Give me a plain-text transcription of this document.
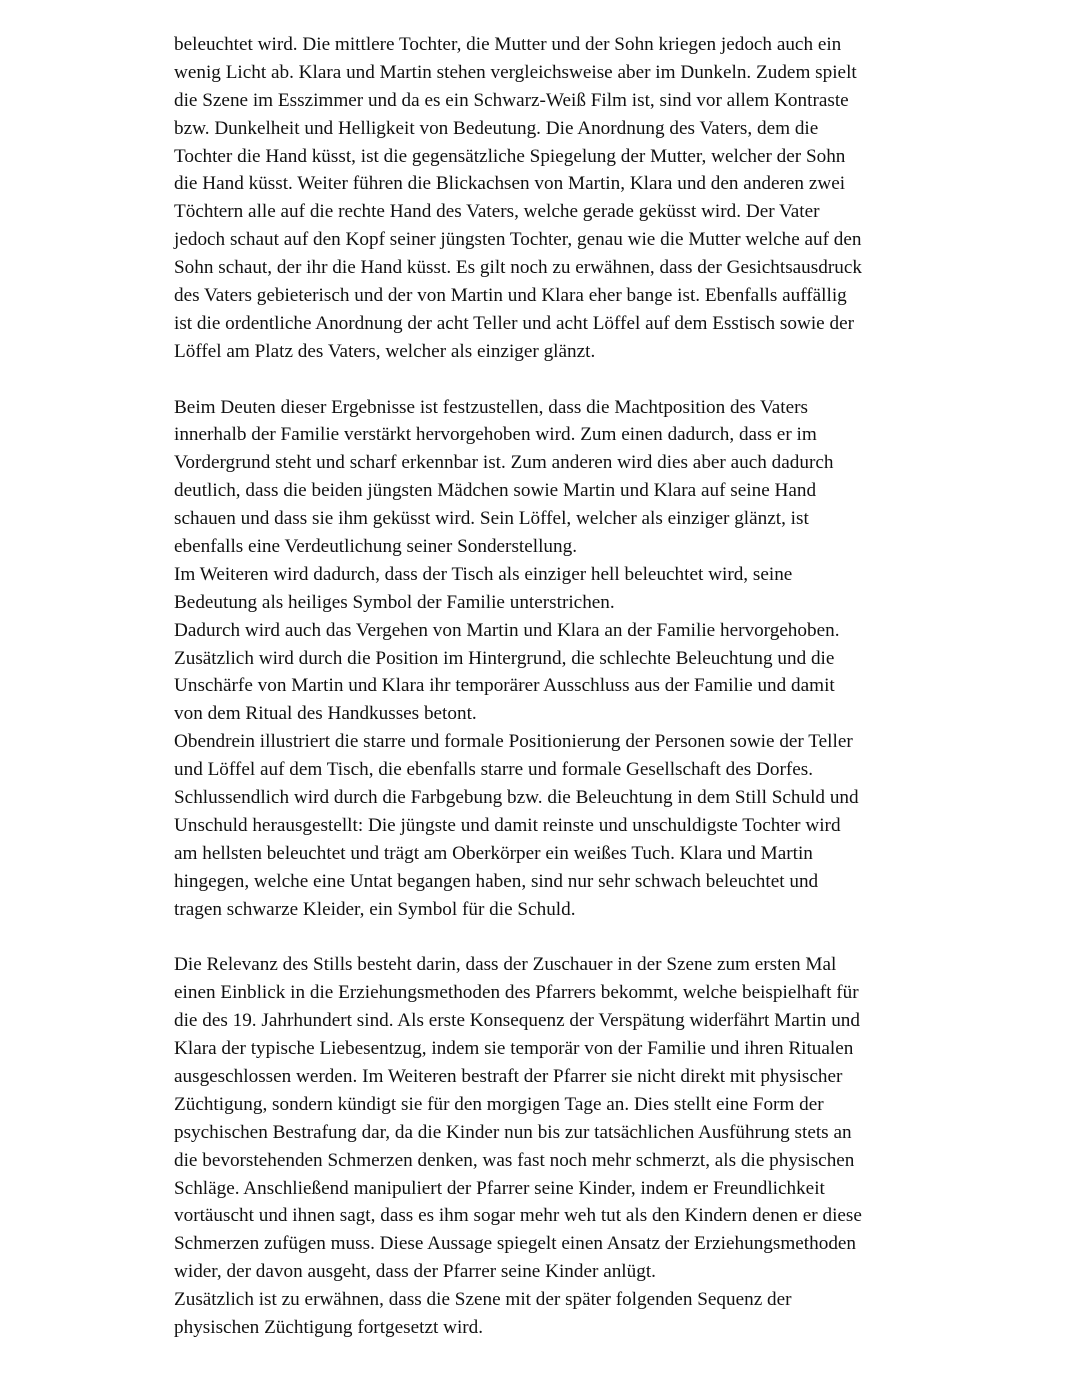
beleuchtet wird. Die mittlere Tochter, die Mutter und der Sohn kriegen jedoch auch ein
wenig Licht ab. Klara und Martin stehen vergleichsweise aber im Dunkeln. Zudem spielt
die Szene im Esszimmer und da es ein Schwarz-Weiß Film ist, sind vor allem Kontraste
bzw. Dunkelheit und Helligkeit von Bedeutung. Die Anordnung des Vaters, dem die
Tochter die Hand küsst, ist die gegensätzliche Spiegelung der Mutter, welcher der Sohn
die Hand küsst. Weiter führen die Blickachsen von Martin, Klara und den anderen zwei
Töchtern alle auf die rechte Hand des Vaters, welche gerade geküsst wird. Der Vater
jedoch schaut auf den Kopf seiner jüngsten Tochter, genau wie die Mutter welche auf den
Sohn schaut, der ihr die Hand küsst. Es gilt noch zu erwähnen, dass der Gesichtsausdruck
des Vaters gebieterisch und der von Martin und Klara eher bange ist. Ebenfalls auffällig
ist die ordentliche Anordnung der acht Teller und acht Löffel auf dem Esstisch sowie der
Löffel am Platz des Vaters, welcher als einziger glänzt.
Beim Deuten dieser Ergebnisse ist festzustellen, dass die Machtposition des Vaters
innerhalb der Familie verstärkt hervorgehoben wird. Zum einen dadurch, dass er im
Vordergrund steht und scharf erkennbar ist. Zum anderen wird dies aber auch dadurch
deutlich, dass die beiden jüngsten Mädchen sowie Martin und Klara auf seine Hand
schauen und dass sie ihm geküsst wird. Sein Löffel, welcher als einziger glänzt, ist
ebenfalls eine Verdeutlichung seiner Sonderstellung.
Im Weiteren wird dadurch, dass der Tisch als einziger hell beleuchtet wird, seine
Bedeutung als heiliges Symbol der Familie unterstrichen.
Dadurch wird auch das Vergehen von Martin und Klara an der Familie hervorgehoben.
Zusätzlich wird durch die Position im Hintergrund, die schlechte Beleuchtung und die
Unschärfe von Martin und Klara ihr temporärer Ausschluss aus der Familie und damit
von dem Ritual des Handkusses betont.
Obendrein illustriert die starre und formale Positionierung der Personen sowie der Teller
und Löffel auf dem Tisch, die ebenfalls starre und formale Gesellschaft des Dorfes.
Schlussendlich wird durch die Farbgebung bzw. die Beleuchtung in dem Still Schuld und
Unschuld herausgestellt: Die jüngste und damit reinste und unschuldigste Tochter wird
am hellsten beleuchtet und trägt am Oberkörper ein weißes Tuch. Klara und Martin
hingegen, welche eine Untat begangen haben, sind nur sehr schwach beleuchtet und
tragen schwarze Kleider, ein Symbol für die Schuld.
Die Relevanz des Stills besteht darin, dass der Zuschauer in der Szene zum ersten Mal
einen Einblick in die Erziehungsmethoden des Pfarrers bekommt, welche beispielhaft für
die des 19. Jahrhundert sind. Als erste Konsequenz der Verspätung widerfährt Martin und
Klara der typische Liebesentzug, indem sie temporär von der Familie und ihren Ritualen
ausgeschlossen werden. Im Weiteren bestraft der Pfarrer sie nicht direkt mit physischer
Züchtigung, sondern kündigt sie für den morgigen Tage an. Dies stellt eine Form der
psychischen Bestrafung dar, da die Kinder nun bis zur tatsächlichen Ausführung stets an
die bevorstehenden Schmerzen denken, was fast noch mehr schmerzt, als die physischen
Schläge. Anschließend manipuliert der Pfarrer seine Kinder, indem er Freundlichkeit
vortäuscht und ihnen sagt, dass es ihm sogar mehr weh tut als den Kindern denen er diese
Schmerzen zufügen muss. Diese Aussage spiegelt einen Ansatz der Erziehungsmethoden
wider, der davon ausgeht, dass der Pfarrer seine Kinder anlügt.
Zusätzlich ist zu erwähnen, dass die Szene mit der später folgenden Sequenz der
physischen Züchtigung fortgesetzt wird.
